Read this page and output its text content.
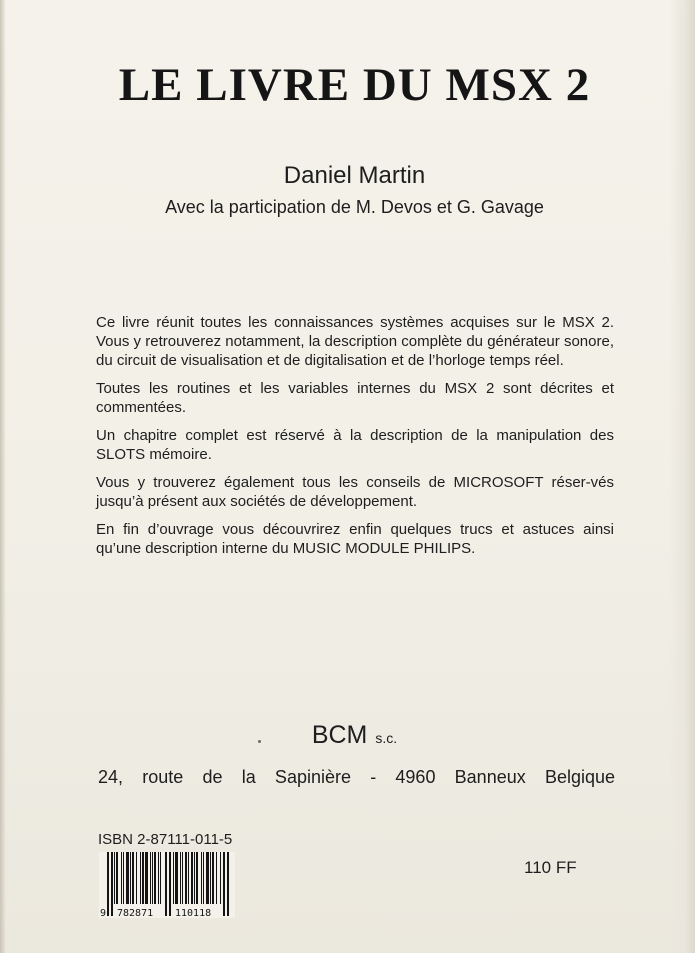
LE LIVRE DU MSX 2
Daniel Martin
Avec la participation de M. Devos et G. Gavage

Ce livre réunit toutes les connaissances systèmes acquises sur le MSX 2. Vous y retrouverez notamment, la description complète du générateur sonore, du circuit de visualisation et de digitalisation et de l’horloge temps réel.

Toutes les routines et les variables internes du MSX 2 sont décrites et commentées.

Un chapitre complet est réservé à la description de la manipulation des SLOTS mémoire.

Vous y trouverez également tous les conseils de MICROSOFT réser-vés jusqu’à présent aux sociétés de développement.

En fin d’ouvrage vous découvrirez enfin quelques trucs et astuces ainsi qu’une description interne du MUSIC MODULE PHILIPS.

BCM s.c.
24, route de la Sapinière - 4960 Banneux Belgique
ISBN 2-87111-011-5
9 782871 110118
110 FF
